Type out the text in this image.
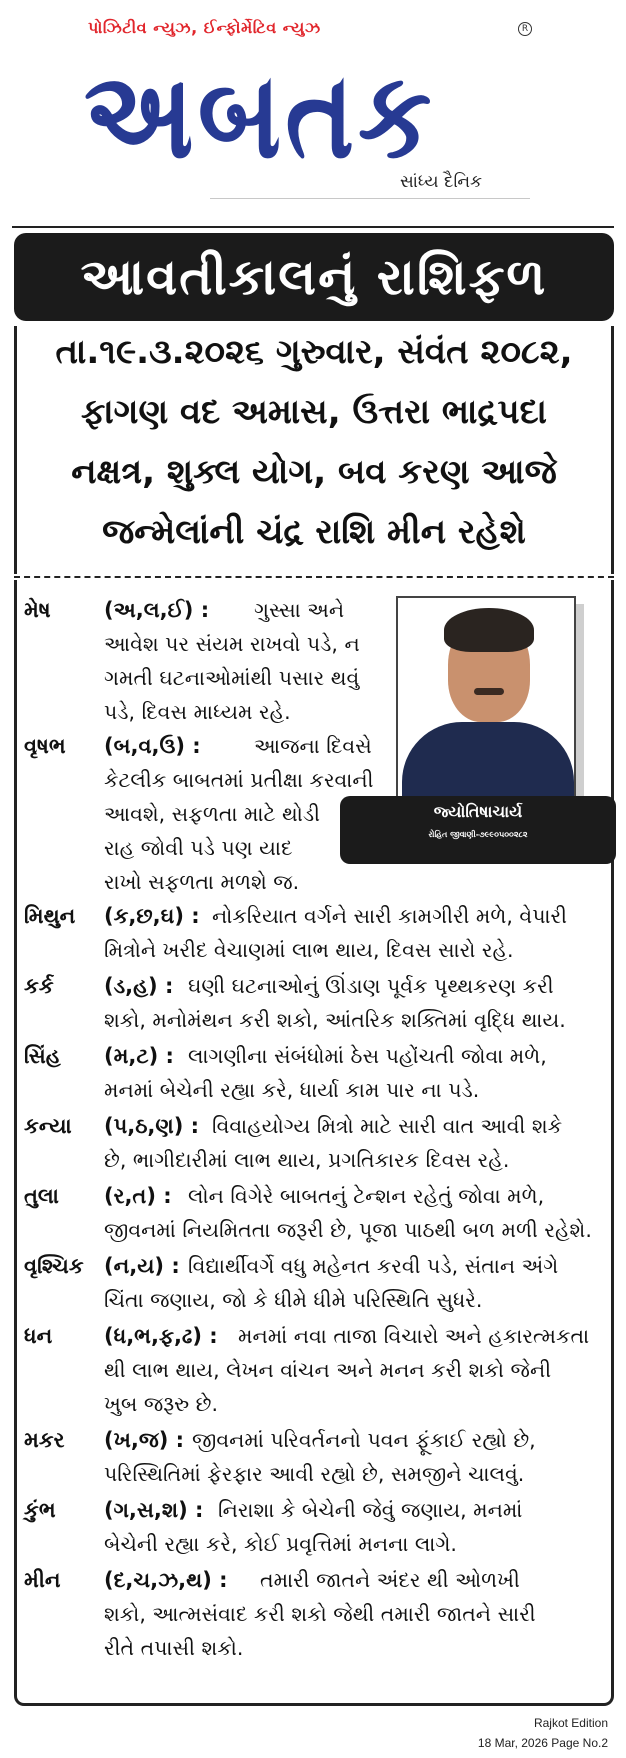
પોઝિટીવ ન્યુઝ, ઈન્ફોર્મેટિવ ન્યુઝ	R
અબતક
સાંધ્ય દૈનિક
આવતીકાલનું રાશિફળ
તા.૧૯.૩.૨૦૨૬ ગુરુવાર, સંવંત ૨૦૮૨,
ફાગણ વદ અમાસ, ઉત્તરા ભાદ્રપદા
નક્ષત્ર, શુક્લ યોગ, બવ કરણ આજે
જન્મેલાંની ચંદ્ર રાશિ મીન રહેશે
જ્યોતિષાચાર્ય
રોહિત જીવાણી-૭૯૯૦૫૦૦૨૮૨
મેષ	(અ,લ,ઈ) : ગુસ્સા અને
આવેશ પર સંયમ રાખવો પડે, ન
ગમતી ઘટનાઓમાંથી પસાર થવું
પડે, દિવસ માધ્યમ રહે.
વૃષભ (બ,વ,ઉ) :	આજના દિવસે
કેટલીક બાબતમાં પ્રતીક્ષા કરવાની
આવશે, સફળતા માટે થોડી
રાહ જોવી પડે પણ યાદ
રાખો સફળતા મળશે જ.
મિથુન (ક,છ,ઘ) : નોકરિયાત વર્ગને સારી કામગીરી મળે, વેપારી
મિત્રોને ખરીદ વેચાણમાં લાભ થાય, દિવસ સારો રહે.
કર્ક (ડ,હ) : ઘણી ઘટનાઓનું ઊંડાણ પૂર્વક પૃથ્થકરણ કરી
શકો, મનોમંથન કરી શકો, આંતરિક શક્તિમાં વૃદ્ધિ થાય.
સિંહ (મ,ટ) : લાગણીના સંબંધોમાં ઠેસ પહોંચતી જોવા મળે,
મનમાં બેચેની રહ્યા કરે, ધાર્યા કામ પાર ના પડે.
કન્યા (પ,ઠ,ણ) : વિવાહયોગ્ય મિત્રો માટે સારી વાત આવી શકે
છે, ભાગીદારીમાં લાભ થાય, પ્રગતિકારક દિવસ રહે.
તુલા (ર,ત) : લોન વિગેરે બાબતનું ટેન્શન રહેતું જોવા મળે,
જીવનમાં નિયમિતતા જરૂરી છે, પૂજા પાઠથી બળ મળી રહેશે.
વૃશ્ચિક (ન,ય) : વિદ્યાર્થીવર્ગે વધુ મહેનત કરવી પડે, સંતાન અંગે
ચિંતા જણાય, જો કે ધીમે ધીમે પરિસ્થિતિ સુધરે.
ધન (ધ,ભ,ફ,ઢ) : મનમાં નવા તાજા વિચારો અને હકારત્મકતા
થી લાભ થાય, લેખન વાંચન અને મનન કરી શકો જેની
ખુબ જરૂરુ છે.
મકર (ખ,જ) : જીવનમાં પરિવર્તનનો પવન ફૂંકાઈ રહ્યો છે,
પરિસ્થિતિમાં ફેરફાર આવી રહ્યો છે, સમજીને ચાલવું.
કુંભ (ગ,સ,શ) : નિરાશા કે બેચેની જેવું જણાય, મનમાં
બેચેની રહ્યા કરે, કોઈ પ્રવૃત્તિમાં મનના લાગે.
મીન (દ,ચ,ઝ,થ) : તમારી જાતને અંદર થી ઓળખી
શકો, આત્મસંવાદ કરી શકો જેથી તમારી જાતને સારી
રીતે તપાસી શકો.
Rajkot Edition
18 Mar, 2026 Page No.2
